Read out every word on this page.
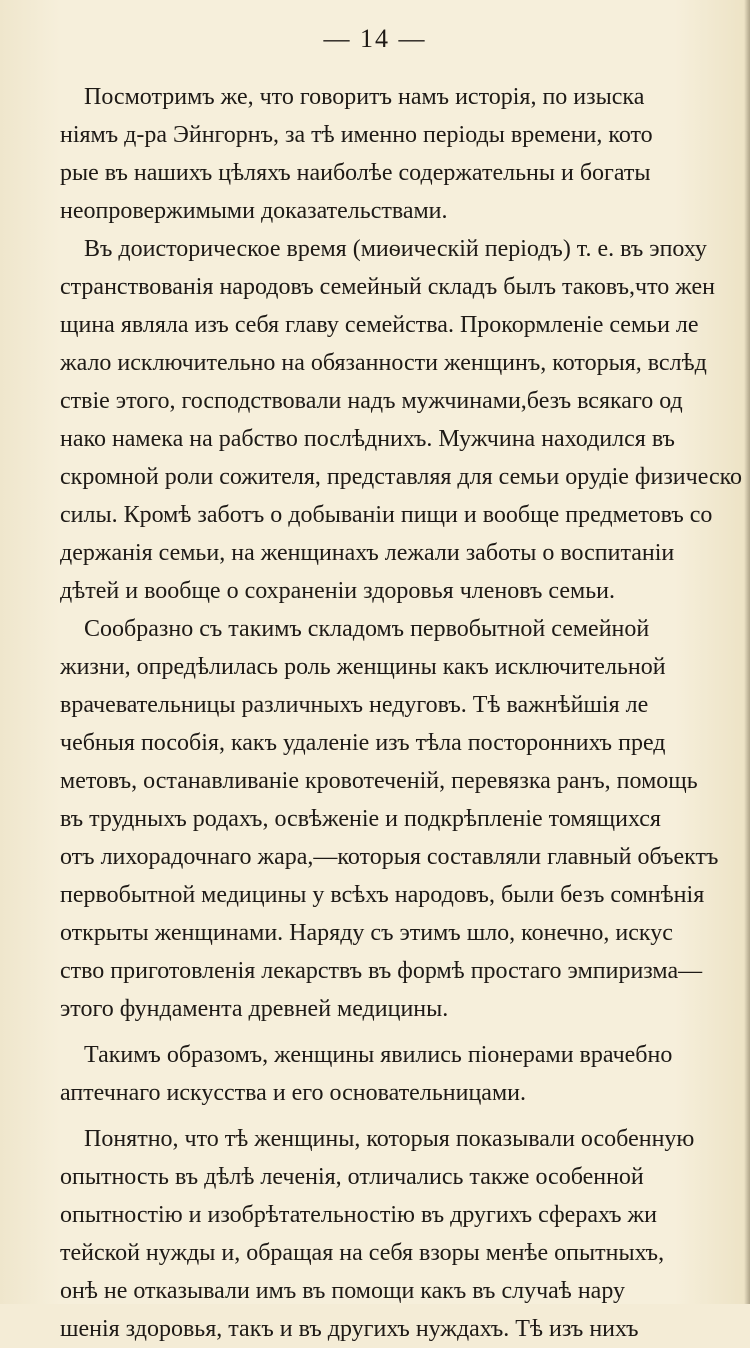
— 14 —
Посмотримъ же, что говоритъ намъ исторія, по изыска
ніямъ д-ра Эйнгорнъ, за тѣ именно періоды времени, кото
рые въ нашихъ цѣляхъ наиболѣе содержательны и богаты
неопровержимыми доказательствами.
Въ доисторическое время (миѳическій періодъ) т. е. въ эпоху
странствованія народовъ семейный складъ былъ таковъ,что жен
щина являла изъ себя главу семейства. Прокормленіе семьи ле
жало исключительно на обязанности женщинъ, которыя, вслѣд
ствіе этого, господствовали надъ мужчинами,безъ всякаго од
нако намека на рабство послѣднихъ. Мужчина находился въ
скромной роли сожителя, представляя для семьи орудіе физическо
силы. Кромѣ заботъ о добываніи пищи и вообще предметовъ со
держанія семьи, на женщинахъ лежали заботы о воспитаніи
дѣтей и вообще о сохраненіи здоровья членовъ семьи.
Сообразно съ такимъ складомъ первобытной семейной
жизни, опредѣлилась роль женщины какъ исключительной
врачевательницы различныхъ недуговъ. Тѣ важнѣйшія ле
чебныя пособія, какъ удаленіе изъ тѣла постороннихъ пред
метовъ, останавливаніе кровотеченій, перевязка ранъ, помощь
въ трудныхъ родахъ, освѣженіе и подкрѣпленіе томящихся
отъ лихорадочнаго жара,—которыя составляли главный объектъ
первобытной медицины у всѣхъ народовъ, были безъ сомнѣнія
открыты женщинами. Наряду съ этимъ шло, конечно, искус
ство приготовленія лекарствъ въ формѣ простаго эмпиризма—
этого фундамента древней медицины.
Такимъ образомъ, женщины явились піонерами врачебно
аптечнаго искусства и его основательницами.
Понятно, что тѣ женщины, которыя показывали особенную
опытность въ дѣлѣ леченія, отличались также особенной
опытностію и изобрѣтательностію въ другихъ сферахъ жи
тейской нужды и, обращая на себя взоры менѣе опытныхъ,
онѣ не отказывали имъ въ помощи какъ въ случаѣ нару
шенія здоровья, такъ и въ другихъ нуждахъ. Тѣ изъ нихъ
